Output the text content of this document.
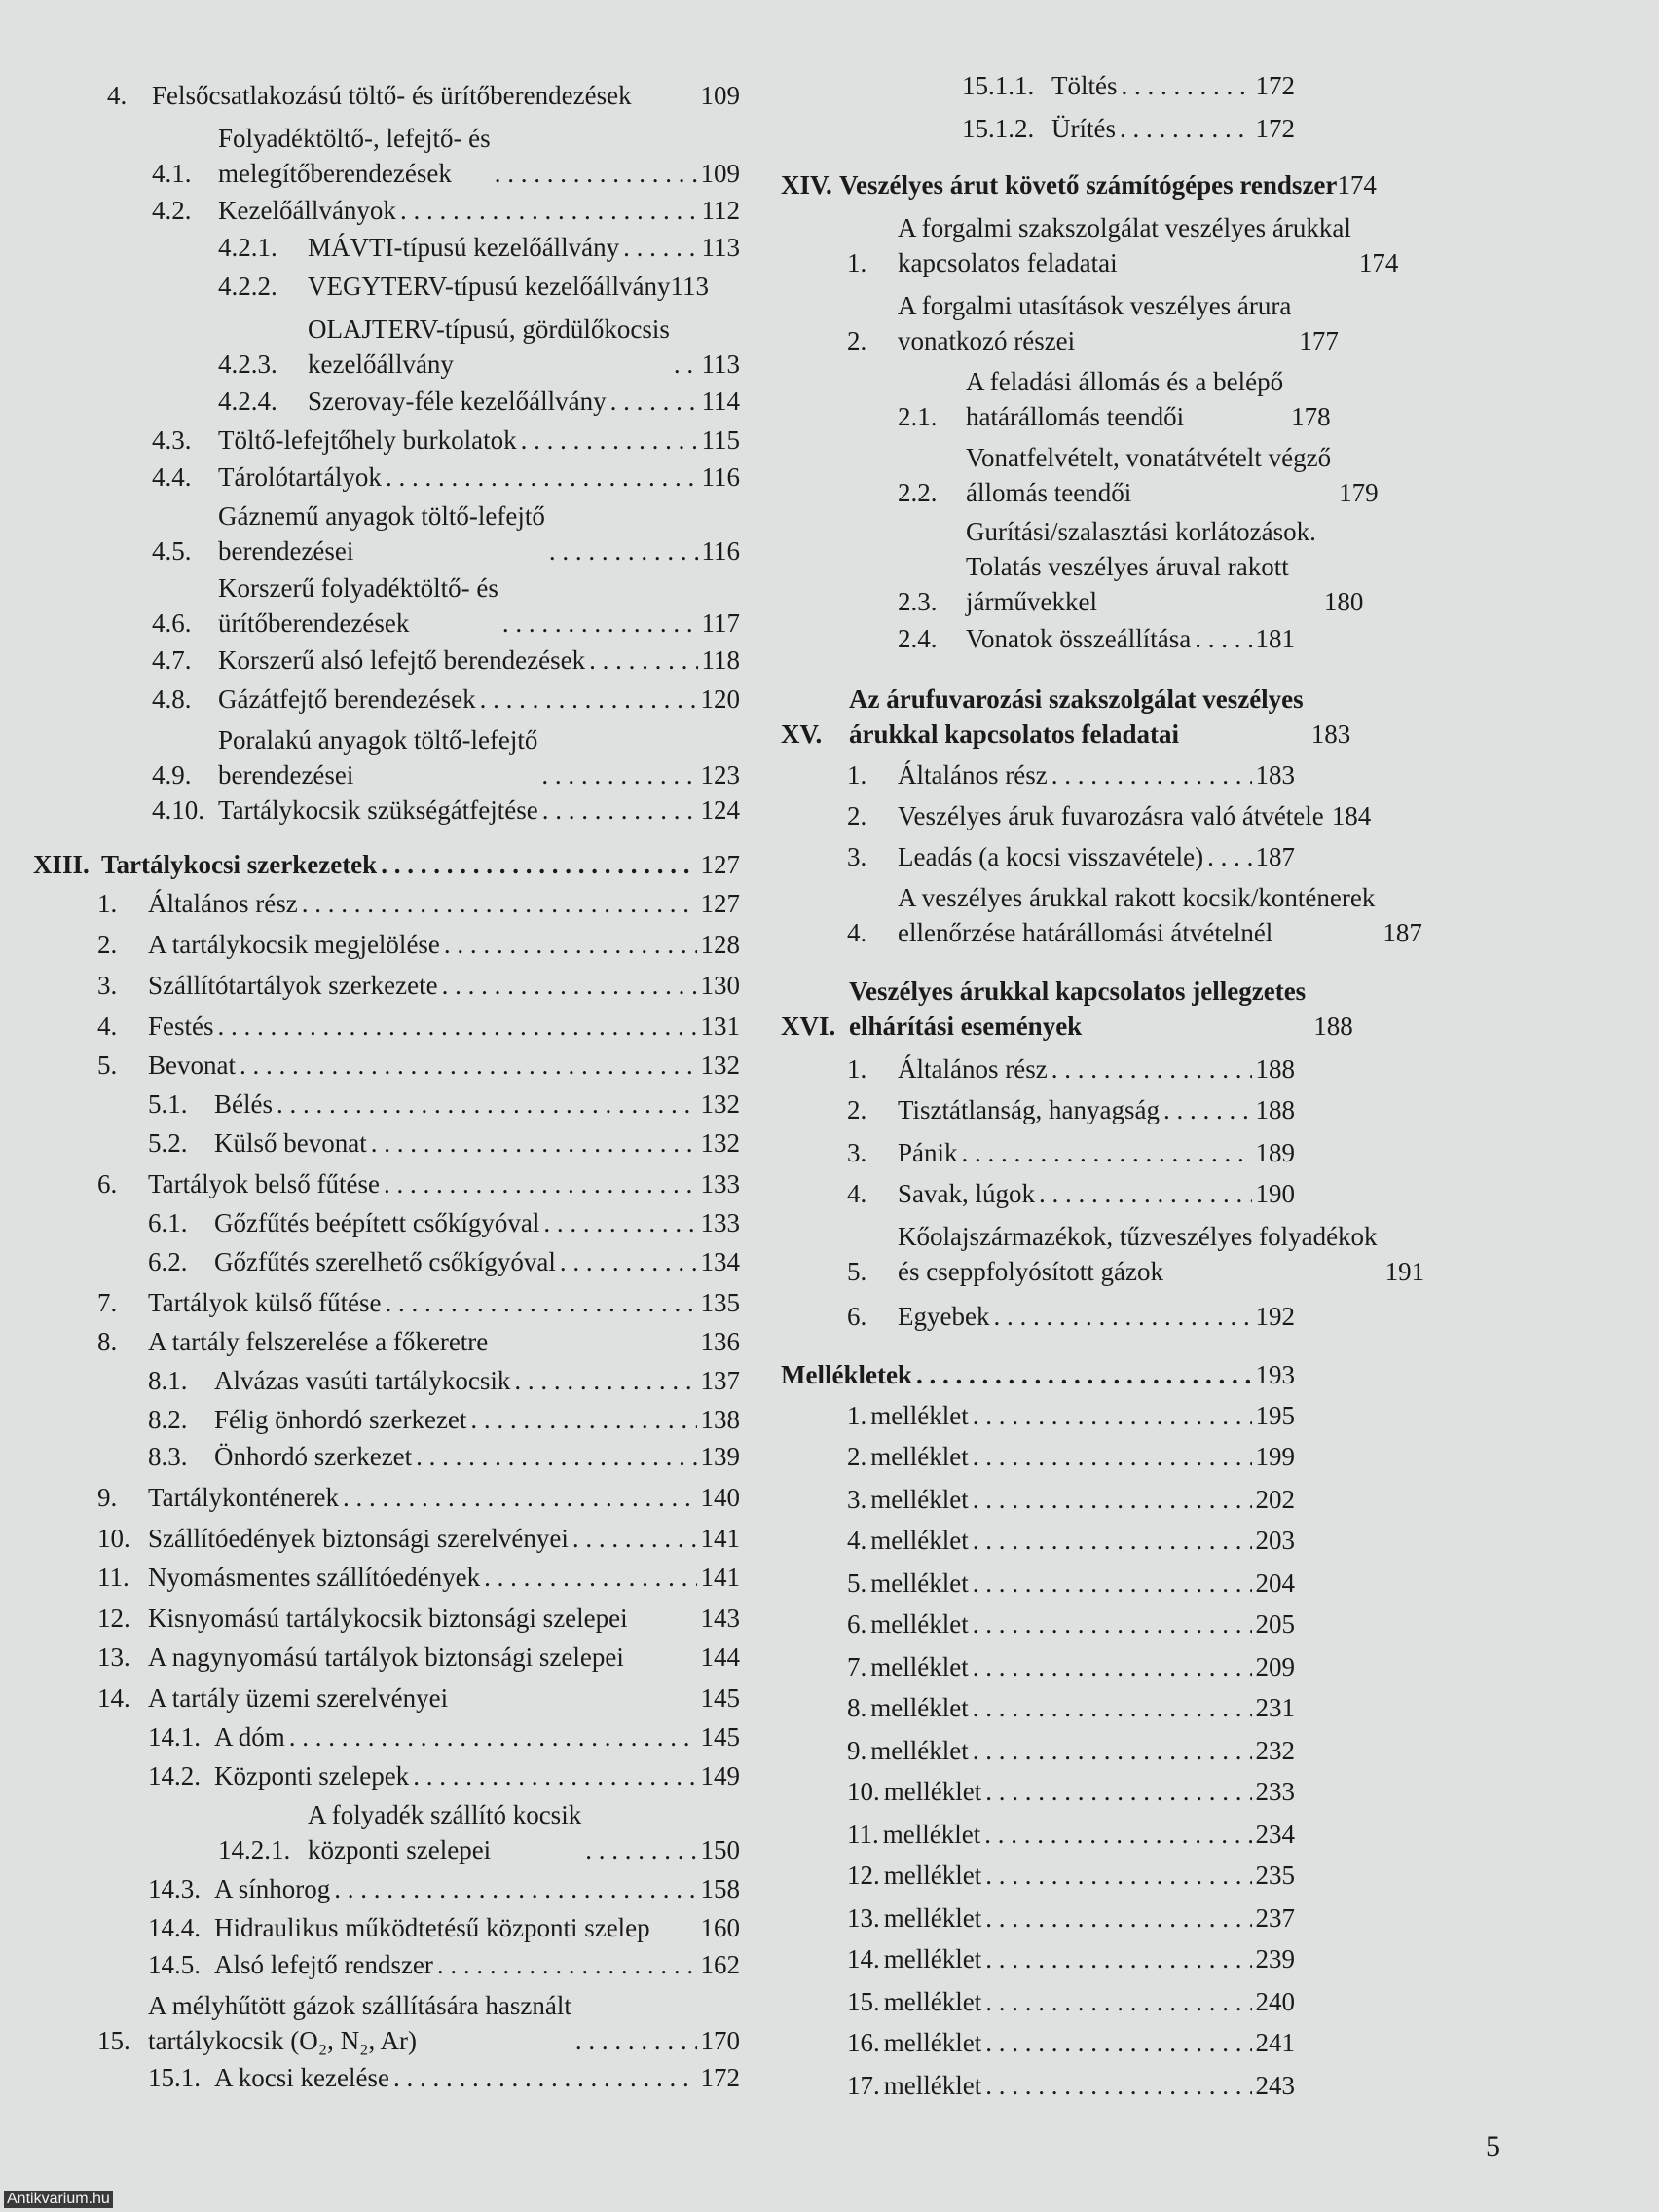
4. Felsőcsatlakozású töltő- és ürítőberendezések	109
4.1.
Folyadéktöltő-, lefejtő- és
melegítőberendezések . . .	109
4.2.	Kezelőállványok . . .	112
4.2.1.	MÁVTI-típusú kezelőállvány . . .	113
4.2.2.	VEGYTERV-típusú kezelőállvány 113
4.2.3.
OLAJTERV-típusú, gördülőkocsis
kezelőállvány . . .	113
4.2.4.	Szerovay-féle kezelőállvány . . .	114
4.3.	Töltő-lefejtőhely burkolatok . . .	115
4.4.	Tárolótartályok . . .	116
4.5.
Gáznemű anyagok töltő-lefejtő
berendezései . . .	116
4.6.
Korszerű folyadéktöltő- és
ürítőberendezések . . .	117
4.7.	Korszerű alsó lefejtő berendezések . . .	118
4.8.	Gázátfejtő berendezések . . .	120
4.9.
Poralakú anyagok töltő-lefejtő
berendezései . . .	123
4.10. Tartálykocsik szükségátfejtése . . .	124
XIII. Tartálykocsi szerkezetek . . .	127
1.	Általános rész . . .	127
2.	A tartálykocsik megjelölése . . .	128
3.	Szállítótartályok szerkezete . . .	130
4.	Festés . . .	131
5.	Bevonat . . .	132
5.1.	Bélés . . .	132
5.2.	Külső bevonat . . .	132
6.	Tartályok belső fűtése . . .	133
6.1.	Gőzfűtés beépített csőkígyóval . . .	133
6.2.	Gőzfűtés szerelhető csőkígyóval . . .	134
7.	Tartályok külső fűtése . . .	135
8.	A tartály felszerelése a főkeretre	136
8.1.	Alvázas vasúti tartálykocsik . . .	137
8.2.	Félig önhordó szerkezet . . .	138
8.3.	Önhordó szerkezet . . .	139
9.	Tartálykonténerek . . .	140
10. Szállítóedények biztonsági szerelvényei . . .	141
11. Nyomásmentes szállítóedények . . .	141
12. Kisnyomású tartálykocsik biztonsági szelepei	143
13. A nagynyomású tartályok biztonsági szelepei	144
14. A tartály üzemi szerelvényei	145
14.1. A dóm . . .	145
14.2. Központi szelepek . . .	149
14.2.1.
A folyadék szállító kocsik
központi szelepei . . .	150
14.3. A sínhorog . . .	158
14.4. Hidraulikus működtetésű központi szelep 160
14.5. Alsó lefejtő rendszer . . .	162
15.
A mélyhűtött gázok szállítására használt
tartálykocsik (O₂, N₂, Ar) . . .	170
15.1. A kocsi kezelése . . .	172
15.1.1. Töltés . . .	172
15.1.2. Ürítés . . .	172
XIV. Veszélyes árut követő számítógépes rendszer 174
1.
A forgalmi szakszolgálat veszélyes árukkal
kapcsolatos feladatai	174
2.
A forgalmi utasítások veszélyes árura
vonatkozó részei	177
2.1.
A feladási állomás és a belépő
határállomás teendői	178
2.2.
Vonatfelvételt, vonatátvételt végző
állomás teendői	179
2.3.
Gurítási/szalasztási korlátozások.
Tolatás veszélyes áruval rakott
járművekkel	180
2.4.	Vonatok összeállítása . . . 181
XV.
Az árufuvarozási szakszolgálat veszélyes
árukkal kapcsolatos feladatai	183
1.	Általános rész . . .	183
2.	Veszélyes áruk fuvarozásra való átvétele 184
3.	Leadás (a kocsi visszavétele) . . . 187
4.
A veszélyes árukkal rakott kocsik/konténerek
ellenőrzése határállomási átvételnél	187
XVI.
Veszélyes árukkal kapcsolatos jellegzetes
elhárítási események	188
1.	Általános rész . . .	188
2.	Tisztátlanság, hanyagság . . .	188
3.	Pánik . . .	189
4.	Savak, lúgok . . .	190
5.
Kőolajszármazékok, tűzveszélyes folyadékok
és cseppfolyósított gázok	191
6.	Egyebek . . .	192
Mellékletek . . .	193
1. melléklet . . .	195
2. melléklet . . .	199
3. melléklet . . .	202
4. melléklet . . .	203
5. melléklet . . .	204
6. melléklet . . .	205
7. melléklet . . .	209
8. melléklet . . .	231
9. melléklet . . .	232
10. melléklet . . .	233
11. melléklet . . .	234
12. melléklet . . .	235
13. melléklet . . .	237
14. melléklet . . .	239
15. melléklet . . .	240
16. melléklet . . .	241
17. melléklet . . .	243
5
Antikvarium.hu
